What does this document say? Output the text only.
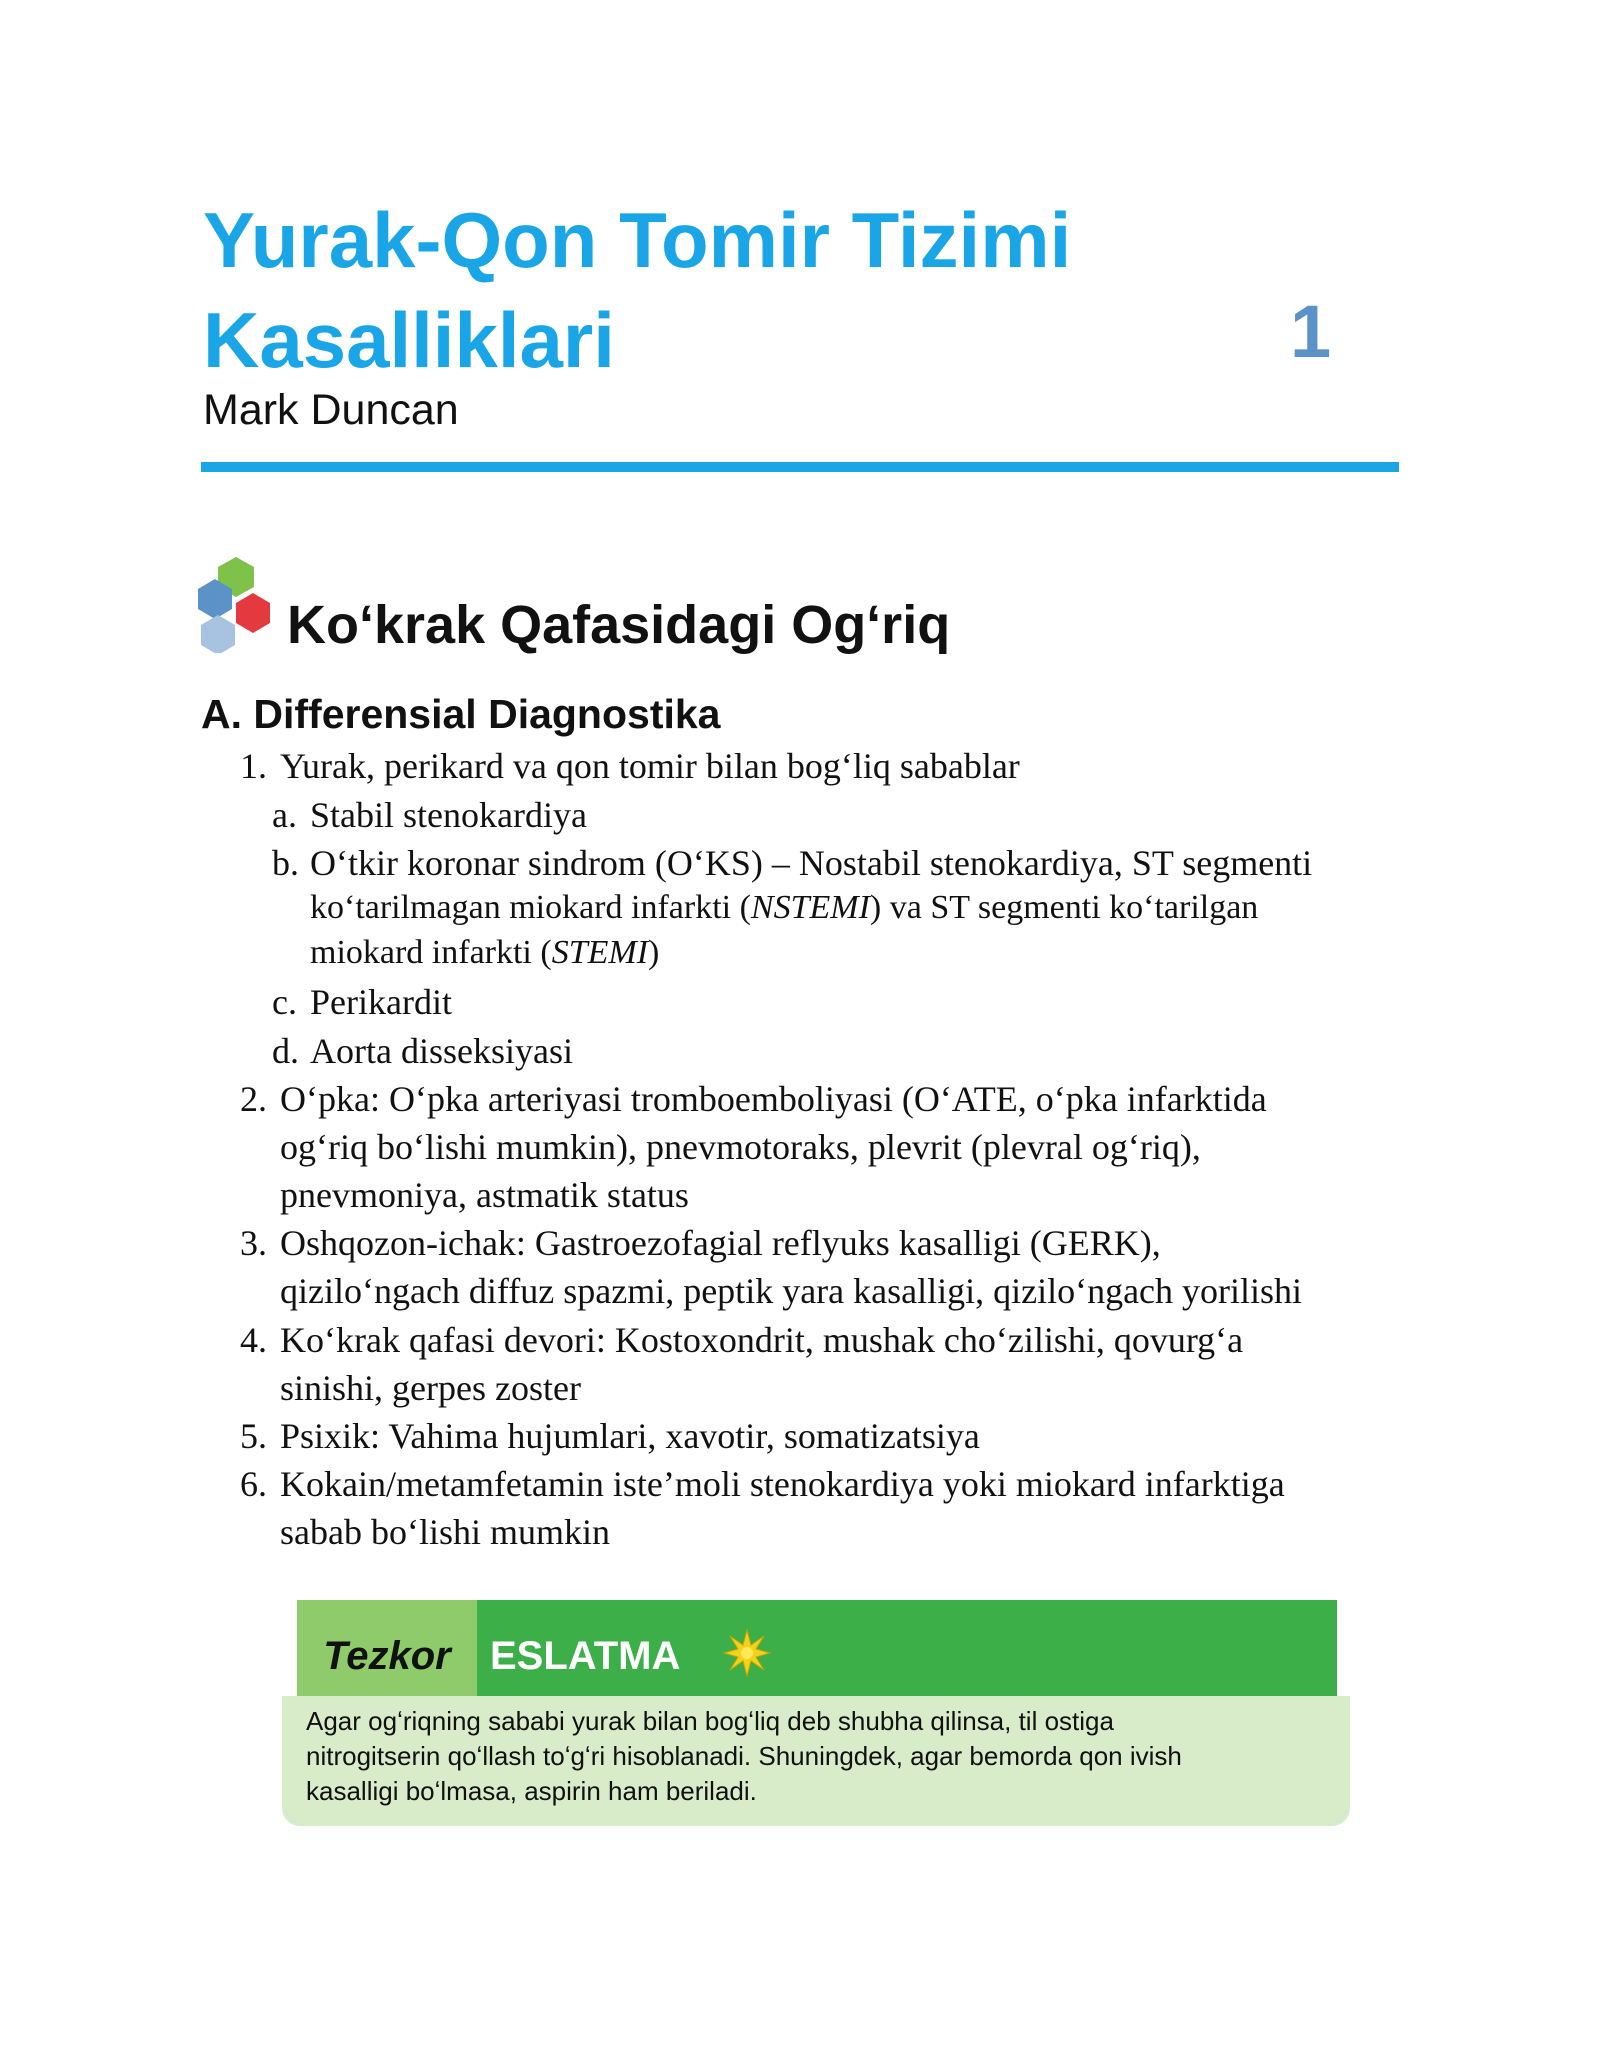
Yurak-Qon Tomir Tizimi
Kasalliklari	1
Mark Duncan
Koʻkrak Qafasidagi Ogʻriq
A. Differensial Diagnostika
1. Yurak, perikard va qon tomir bilan bogʻliq sabablar
a. Stabil stenokardiya
b. Oʻtkir koronar sindrom (OʻKS) – Nostabil stenokardiya, ST segmenti
koʻtarilmagan miokard infarkti (NSTEMI) va ST segmenti koʻtarilgan
miokard infarkti (STEMI)
c. Perikardit
d. Aorta disseksiyasi
2. Oʻpka: Oʻpka arteriyasi tromboemboliyasi (OʻATE, oʻpka infarktida
ogʻriq boʻlishi mumkin), pnevmotoraks, plevrit (plevral ogʻriq),
pnevmoniya, astmatik status
3. Oshqozon-ichak: Gastroezofagial reflyuks kasalligi (GERK),
qiziloʻngach diffuz spazmi, peptik yara kasalligi, qiziloʻngach yorilishi
4. Koʻkrak qafasi devori: Kostoxondrit, mushak choʻzilishi, qovurgʻa
sinishi, gerpes zoster
5. Psixik: Vahima hujumlari, xavotir, somatizatsiya
6. Kokain/metamfetamin iste’moli stenokardiya yoki miokard infarktiga
sabab boʻlishi mumkin
Tezkor ESLATMA
Agar ogʻriqning sababi yurak bilan bogʻliq deb shubha qilinsa, til ostiga
nitrogitserin qoʻllash toʻgʻri hisoblanadi. Shuningdek, agar bemorda qon ivish
kasalligi boʻlmasa, aspirin ham beriladi.
